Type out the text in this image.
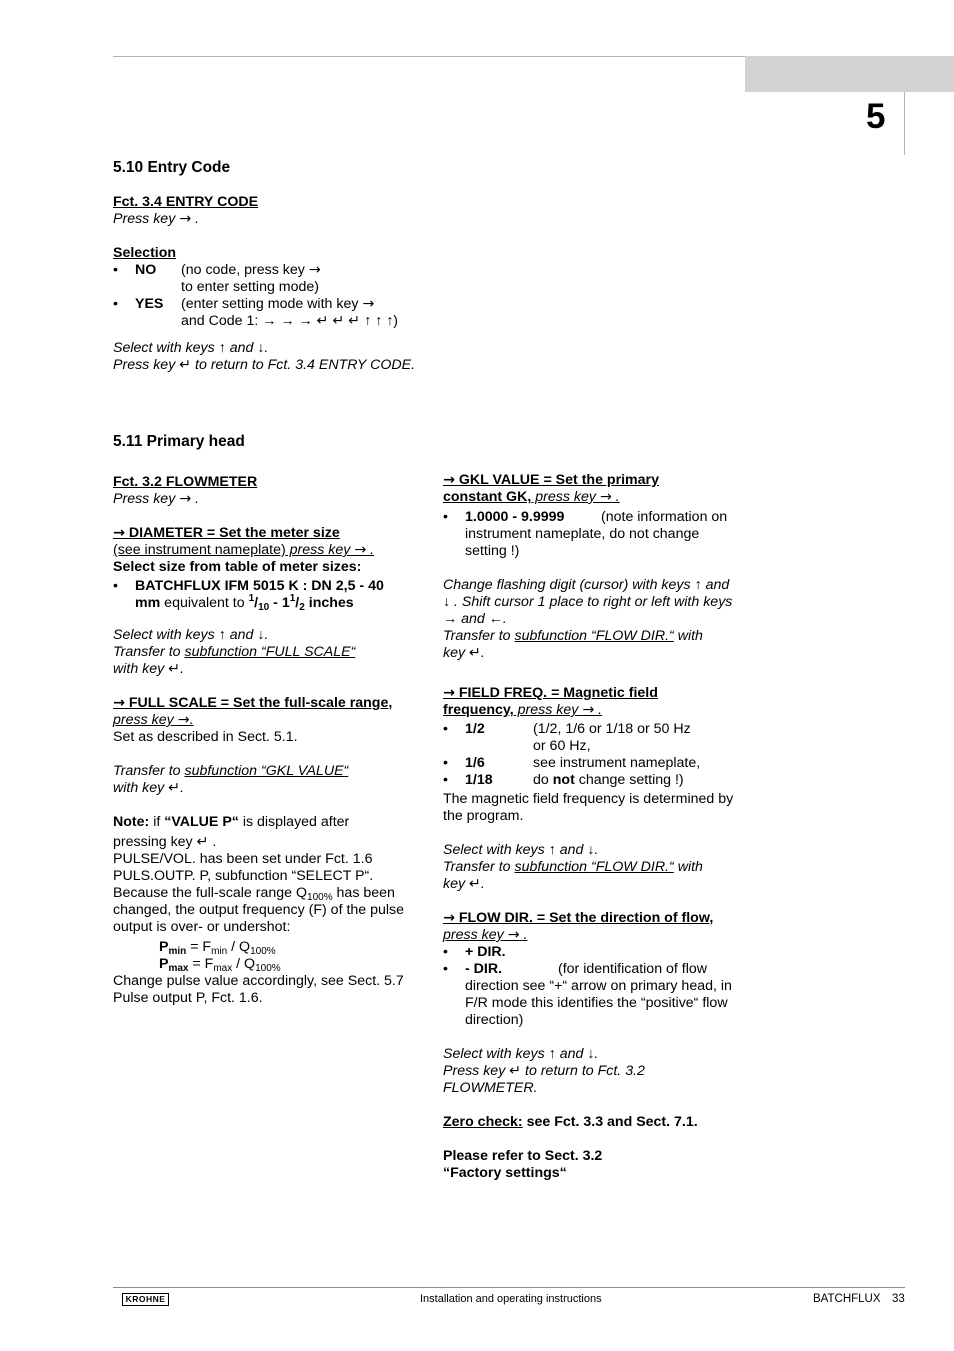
5
5.10 Entry Code

Fct. 3.4 ENTRY CODE

Press key → .

Selection

•	NO	(no code, press key →

to enter setting mode)

•	YES	(enter setting mode with key →

and Code 1: → → → ↵ ↵ ↵ ↑ ↑ ↑)

Select with keys ↑ and ↓.

Press key ↵ to return to Fct. 3.4 ENTRY CODE.

5.11 Primary head

Fct. 3.2 FLOWMETER

Press key → .

→ DIAMETER = Set the meter size

(see instrument nameplate) press key → .

Select size from table of meter sizes:

•	BATCHFLUX IFM 5015 K : DN 2,5 - 40

mm equivalent to $^1/_{10} - 1^1/_2$ inches

Select with keys ↑ and ↓.

Transfer to subfunction “FULL SCALE“

with key ↵.

→ FULL SCALE = Set the full-scale range,

press key →.

Set as described in Sect. 5.1.

Transfer to subfunction “GKL VALUE“

with key ↵.

Note: if “VALUE P“ is displayed after

pressing key ↵ .

PULSE/VOL. has been set under Fct. 1.6

PULS.OUTP. P, subfunction “SELECT P“.

Because the full-scale range $Q_{100\%}$ has been

changed, the output frequency (F) of the pulse

output is over- or undershot:

$P_{min} = F_{min} / Q_{100\%}$

$P_{max} = F_{max} / Q_{100\%}$

Change pulse value accordingly, see Sect. 5.7

Pulse output P, Fct. 1.6.

→ GKL VALUE = Set the primary

constant GK, press key → .

•	1.0000 - 9.9999	(note information on

instrument nameplate, do not change

setting !)

Change flashing digit (cursor) with keys ↑ and

↓ . Shift cursor 1 place to right or left with keys

→ and ←.

Transfer to subfunction “FLOW DIR.“ with

key ↵.

→ FIELD FREQ. = Magnetic field

frequency, press key → .

•	1/2	(1/2, 1/6 or 1/18 or 50 Hz

or 60 Hz,

•	1/6	see instrument nameplate,
•	1/18	do not change setting !)

The magnetic field frequency is determined by

the program.

Select with keys ↑ and ↓.

Transfer to subfunction “FLOW DIR.“ with

key ↵.

→ FLOW DIR. = Set the direction of flow,

press key → .

•	+ DIR.
•	- DIR.	(for identification of flow

direction see “+“ arrow on primary head, in

F/R mode this identifies the “positive“ flow

direction)

Select with keys ↑ and ↓.

Press key ↵ to return to Fct. 3.2

FLOWMETER.

Zero check: see Fct. 3.3 and Sect. 7.1.

Please refer to Sect. 3.2

“Factory settings“

KROHNE	Installation and operating instructions	BATCHFLUX 33
